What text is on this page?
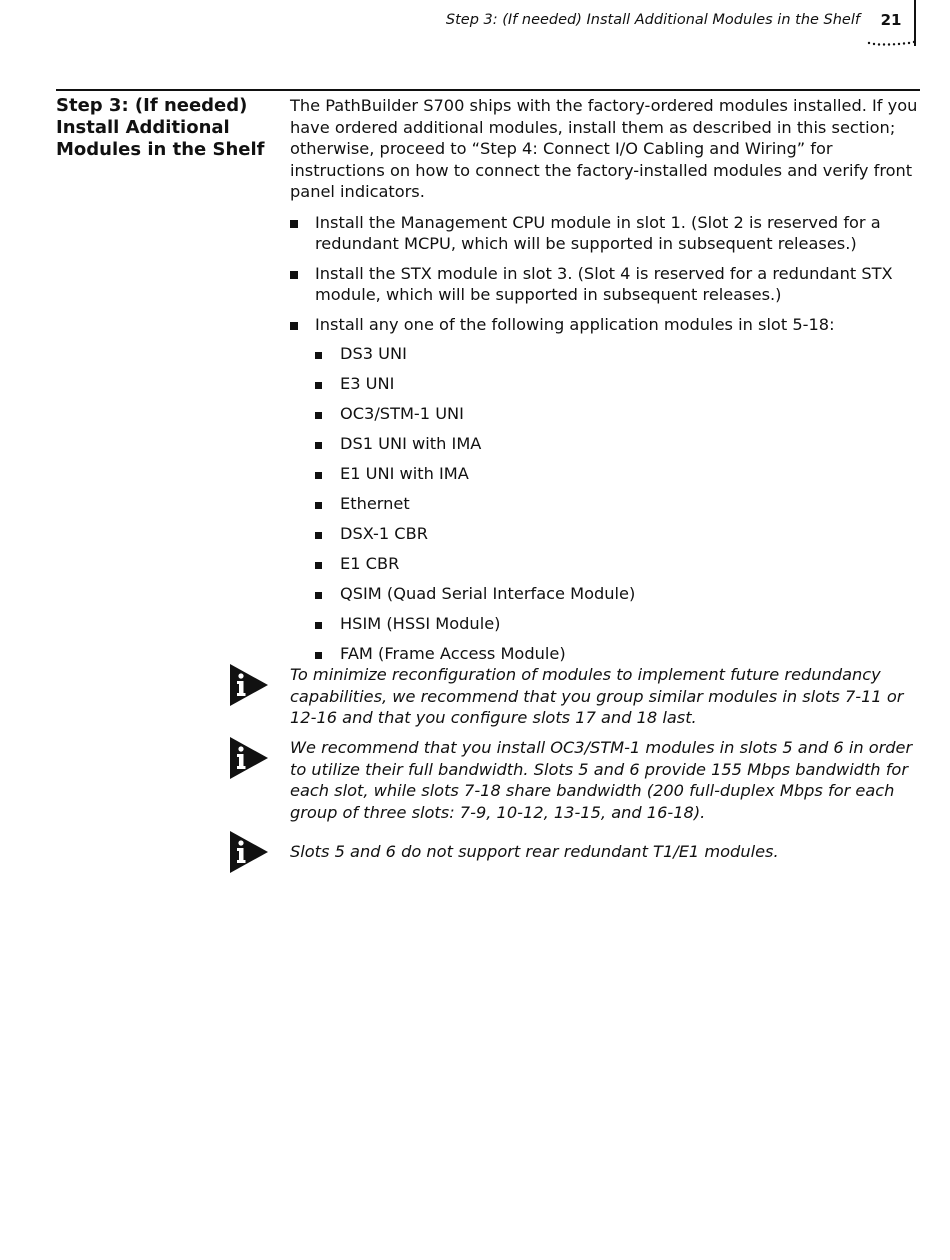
Step 3: (If needed) Install Additional Modules in the Shelf	21
Step 3: (If needed) Install Additional Modules in the Shelf

The PathBuilder S700 ships with the factory-ordered modules installed. If you have ordered additional modules, install them as described in this section; otherwise, proceed to “Step 4: Connect I/O Cabling and Wiring” for instructions on how to connect the factory-installed modules and verify front panel indicators.

Install the Management CPU module in slot 1. (Slot 2 is reserved for a redundant MCPU, which will be supported in subsequent releases.)
Install the STX module in slot 3. (Slot 4 is reserved for a redundant STX module, which will be supported in subsequent releases.)
Install any one of the following application modules in slot 5-18:
DS3 UNI
E3 UNI
OC3/STM-1 UNI
DS1 UNI with IMA
E1 UNI with IMA
Ethernet
DSX-1 CBR
E1 CBR
QSIM (Quad Serial Interface Module)
HSIM (HSSI Module)
FAM (Frame Access Module)
To minimize reconfiguration of modules to implement future redundancy capabilities, we recommend that you group similar modules in slots 7-11 or 12-16 and that you configure slots 17 and 18 last.
We recommend that you install OC3/STM-1 modules in slots 5 and 6 in order to utilize their full bandwidth. Slots 5 and 6 provide 155 Mbps bandwidth for each slot, while slots 7-18 share bandwidth (200 full-duplex Mbps for each group of three slots: 7-9, 10-12, 13-15, and 16-18).
Slots 5 and 6 do not support rear redundant T1/E1 modules.
